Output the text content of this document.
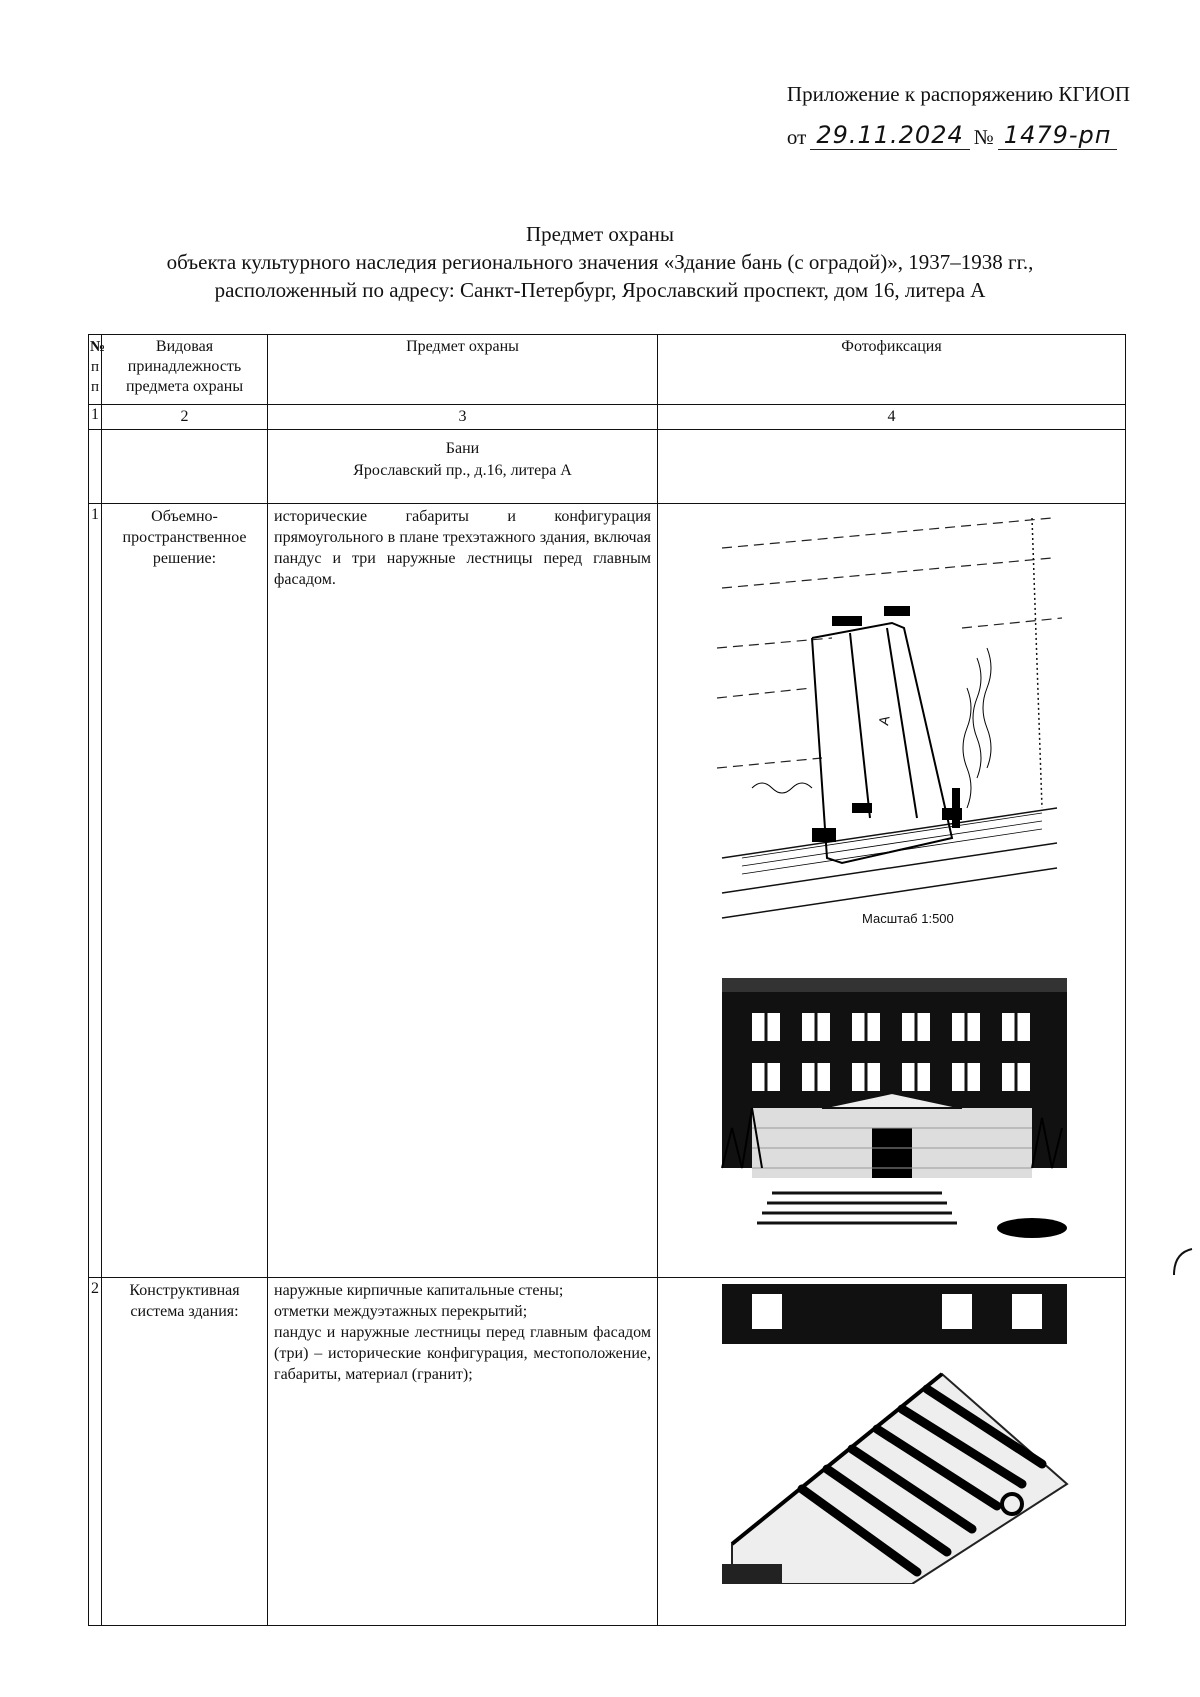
Приложение к распоряжению КГИОП
от 29.11.2024 № 1479-рп
Предмет охраны
объекта культурного наследия регионального значения «Здание бань (с оградой)», 1937–1938 гг.,
расположенный по адресу: Санкт-Петербург, Ярославский проспект, дом 16, литера А
№
п
п	Видовая принадлежность предмета охраны	Предмет охраны	Фотофиксация
1	2	3	4

		Бани
Ярославский пр., д.16, литера А	

1	Объемно-пространственное решение:	исторические габариты и конфигурация прямоугольного в плане трехэтажного здания, включая пандус и три наружные лестницы перед главным фасадом.	А
Масштаб 1:500

2	Конструктивная система здания:	наружные кирпичные капитальные стены;
отметки междуэтажных перекрытий;
пандус и наружные лестницы перед главным фасадом (три) – исторические конфигурация, местоположение, габариты, материал (гранит);
